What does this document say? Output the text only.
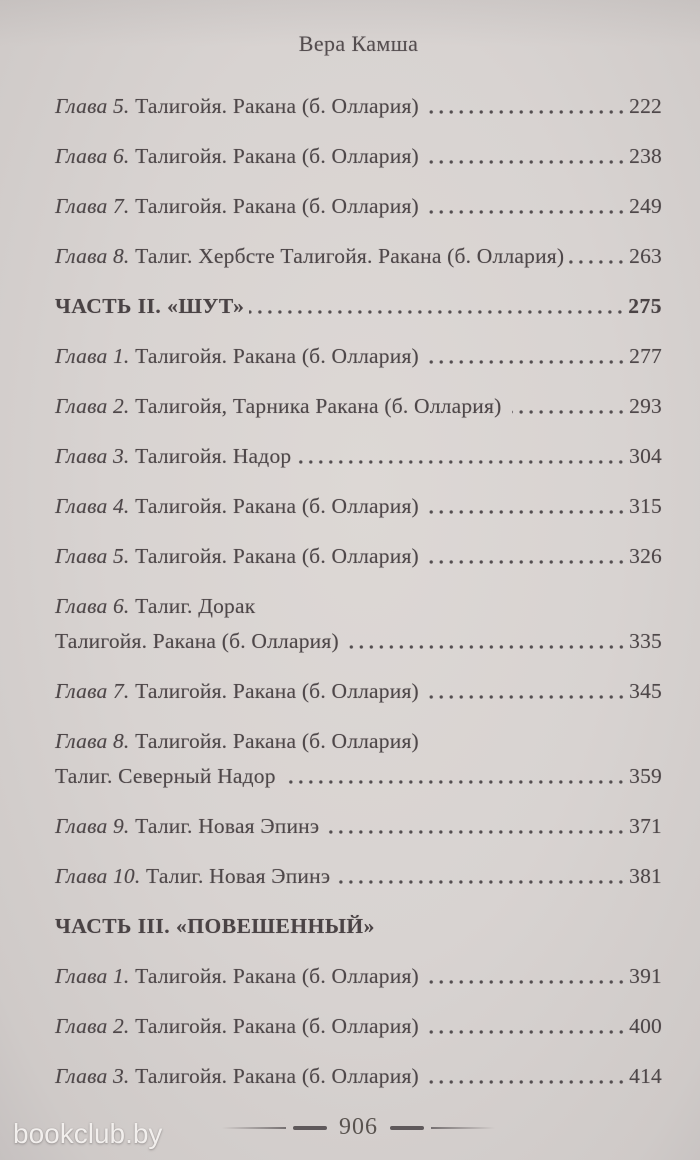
Вера Камша
Глава 5. Талигойя. Ракана (б. Оллария)	222
Глава 6. Талигойя. Ракана (б. Оллария)	238
Глава 7. Талигойя. Ракана (б. Оллария)	249
Глава 8. Талиг. Хербсте Талигойя. Ракана (б. Оллария)	263
ЧАСТЬ II. «ШУТ»	275
Глава 1. Талигойя. Ракана (б. Оллария)	277
Глава 2. Талигойя, Тарника Ракана (б. Оллария)	293
Глава 3. Талигойя. Надор	304
Глава 4. Талигойя. Ракана (б. Оллария)	315
Глава 5. Талигойя. Ракана (б. Оллария)	326
Глава 6. Талиг. Дорак
Талигойя. Ракана (б. Оллария)	335
Глава 7. Талигойя. Ракана (б. Оллария)	345
Глава 8. Талигойя. Ракана (б. Оллария)
Талиг. Северный Надор	359
Глава 9. Талиг. Новая Эпинэ	371
Глава 10. Талиг. Новая Эпинэ	381
ЧАСТЬ III. «ПОВЕШЕННЫЙ»
Глава 1. Талигойя. Ракана (б. Оллария)	391
Глава 2. Талигойя. Ракана (б. Оллария)	400
Глава 3. Талигойя. Ракана (б. Оллария)	414
906
bookclub.by
